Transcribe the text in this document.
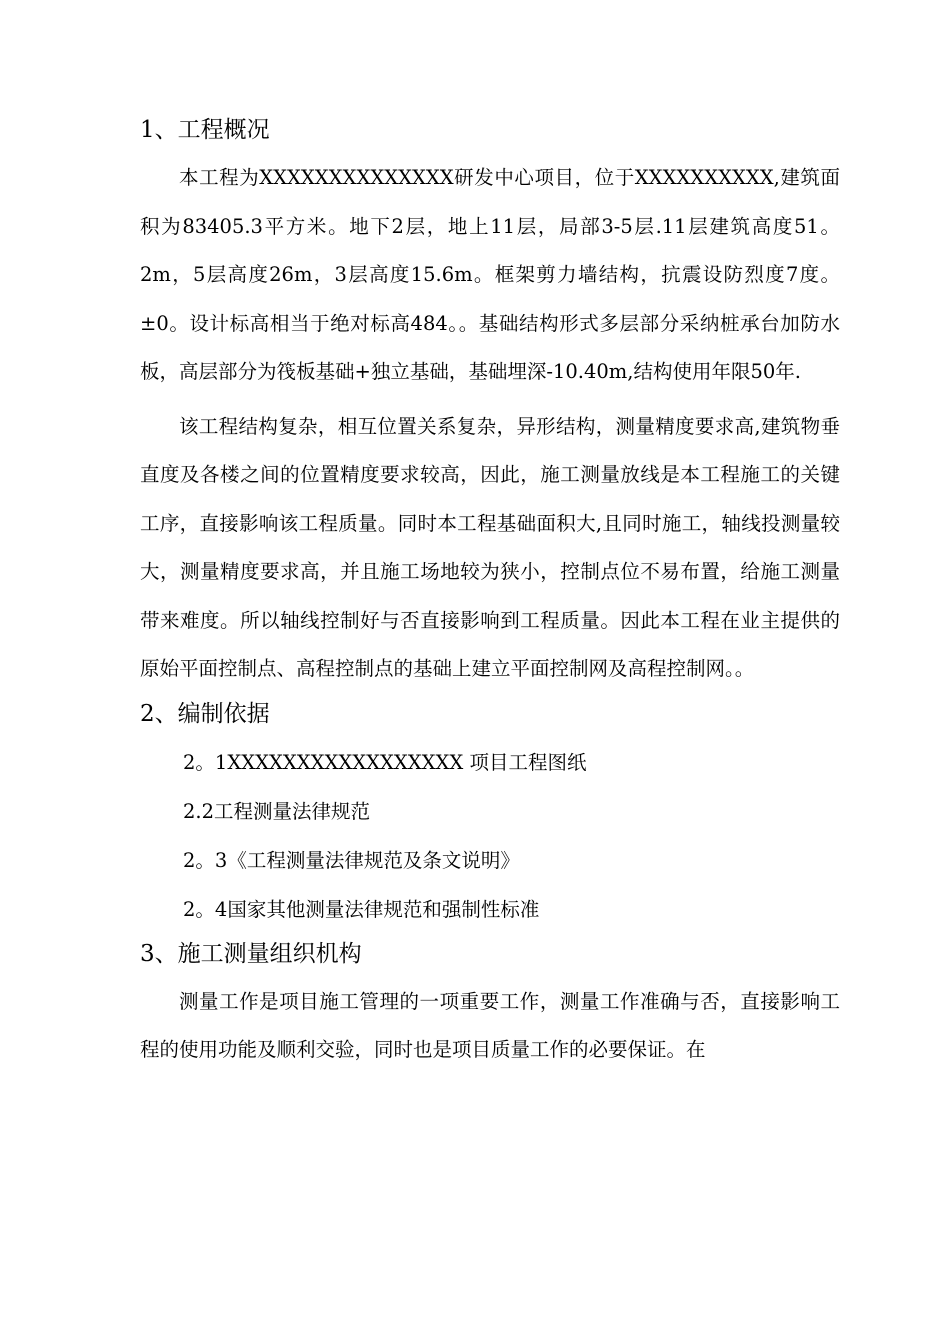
1、工程概况

本工程为XXXXXXXXXXXXXX研发中心项目，位于XXXXXXXXXX,建筑面积为83405.3平方米。地下2层，地上11层，局部3-5层.11层建筑高度51。2m，5层高度26m，3层高度15.6m。框架剪力墙结构，抗震设防烈度7度。±0。设计标高相当于绝对标高484。。基础结构形式多层部分采纳桩承台加防水板，高层部分为筏板基础+独立基础，基础埋深-10.40m,结构使用年限50年.

该工程结构复杂，相互位置关系复杂，异形结构，测量精度要求高,建筑物垂直度及各楼之间的位置精度要求较高，因此，施工测量放线是本工程施工的关键工序，直接影响该工程质量。同时本工程基础面积大,且同时施工，轴线投测量较大，测量精度要求高，并且施工场地较为狭小，控制点位不易布置，给施工测量带来难度。所以轴线控制好与否直接影响到工程质量。因此本工程在业主提供的原始平面控制点、高程控制点的基础上建立平面控制网及高程控制网。。

2、编制依据
2。1XXXXXXXXXXXXXXXXX 项目工程图纸
2.2工程测量法律规范
2。3《工程测量法律规范及条文说明》
2。4国家其他测量法律规范和强制性标准
3、施工测量组织机构

测量工作是项目施工管理的一项重要工作，测量工作准确与否，直接影响工程的使用功能及顺利交验，同时也是项目质量工作的必要保证。在
